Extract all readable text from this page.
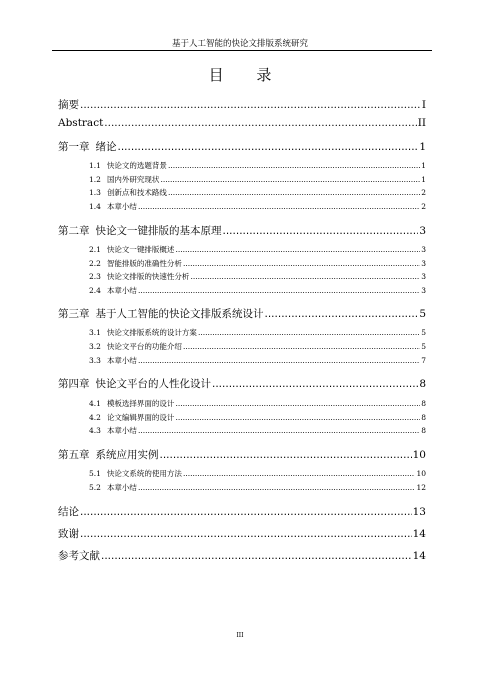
基于人工智能的快论文排版系统研究
目 录
摘要 .....	I
Abstract .....	II
第一章 绪论 .....	1
1.1 快论文的选题背景 .....	1
1.2 国内外研究现状 .....	1
1.3 创新点和技术路线 .....	2
1.4 本章小结 .....	2
第二章 快论文一键排版的基本原理 .....	3
2.1 快论文一键排版概述 .....	3
2.2 智能排版的准确性分析 .....	3
2.3 快论文排版的快速性分析 .....	3
2.4 本章小结 .....	3
第三章 基于人工智能的快论文排版系统设计 .....	5
3.1 快论文排版系统的设计方案 .....	5
3.2 快论文平台的功能介绍 .....	5
3.3 本章小结 .....	7
第四章 快论文平台的人性化设计 .....	8
4.1 模板选择界面的设计 .....	8
4.2 论文编辑界面的设计 .....	8
4.3 本章小结 .....	8
第五章 系统应用实例 .....	10
5.1 快论文系统的使用方法 .....	10
5.2 本章小结 .....	12
结论 .....	13
致谢 .....	14
参考文献 .....	14
III
